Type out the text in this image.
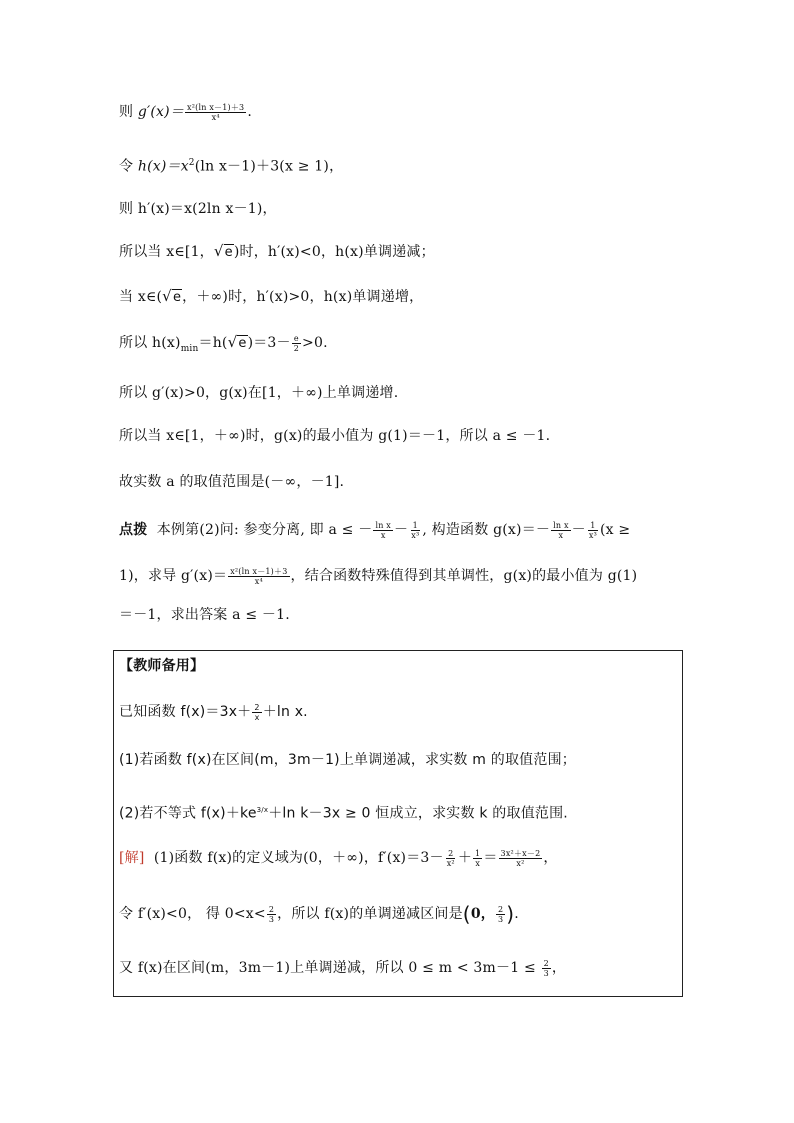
则 $g'(x)= \frac{\text{x²(ln x－1)＋3}}{\text{x⁴}}$ .
令 $h(x)=x^2(\ln$ x－1)＋3(x ≥ 1)，
则 h′(x)＝x(2ln x－1)，
所以当 x∈[1， √ e )时，h′(x)<0，h(x)单调递减；
当 x∈( √ e ，＋∞)时，h′(x)>0，h(x)单调递增，
所以 $h(x)_{min}=h$( √ e )$=3- \frac{e}{2} >0$.
所以 g′(x)>0，g(x)在[1，＋∞)上单调递增.
所以当 x∈[1，＋∞)时，g(x)的最小值为 g(1)＝－1，所以 a ≤ －1.
故实数 a 的取值范围是(－∞，－1].
点拨 本例第(2)问: 参变分离, 即 a ≤ － $\frac{\text{ln x}}{x} - \frac{1}{\text{x³}}$ , 构造函数 $g(x)=- \frac{\text{ln x}}{x} - \frac{1}{\text{x³}} (x$ ≥
1)，求导 $g'(x)= \frac{\text{x²(ln x－1)＋3}}{\text{x⁴}}$ ，结合函数特殊值得到其单调性，g(x)的最小值为 g(1)
＝－1，求出答案 a ≤ －1.
【教师备用】
已知函数 $f(x)=3x+ \frac{2}{x} +\ln$ x.
(1)若函数 f(x)在区间(m，3m－1)上单调递减，求实数 m 的取值范围；
(2)若不等式 $f(x)+ke^{3/x}+\ln$ k－3x ≥ 0 恒成立，求实数 k 的取值范围.
[解] (1)函数 f(x)的定义域为(0，＋∞)，$f'(x)=3- \frac{2}{\text{x²}} + \frac{1}{x} = \frac{\text{3x²＋x－2}}{\text{x²}}$ ，
令 f′(x)<0， 得 $0<x< \frac{2}{3}$ ，所以 f(x)的单调递减区间是(0， $\frac{2}{3}$ ).
又 f(x)在区间(m，3m－1)上单调递减，所以 $0 \le m < 3m-1 \le \frac{2}{3}$ ，
